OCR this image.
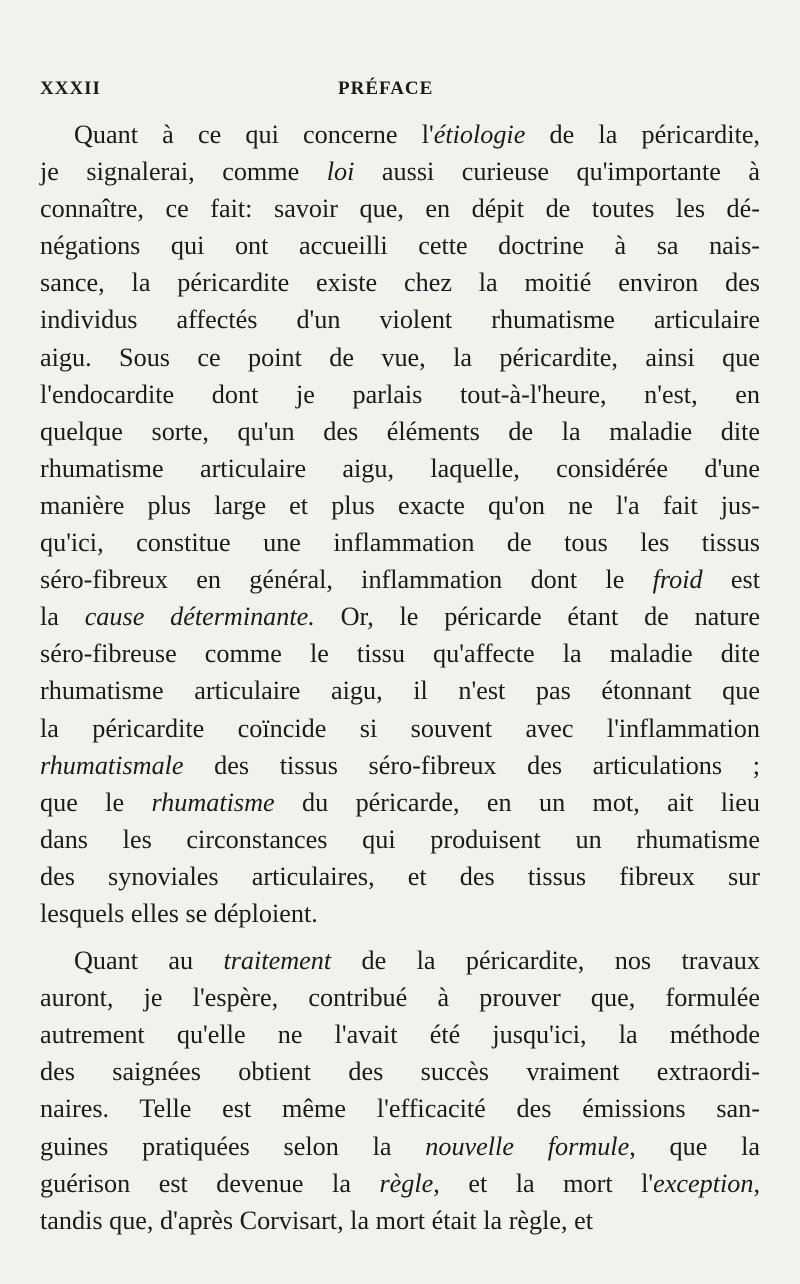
XXXII	PRÉFACE
Quant à ce qui concerne l'étiologie de la péricardite,
je signalerai, comme loi aussi curieuse qu'importante à
connaître, ce fait: savoir que, en dépit de toutes les dé-
négations qui ont accueilli cette doctrine à sa nais-
sance, la péricardite existe chez la moitié environ des
individus affectés d'un violent rhumatisme articulaire
aigu. Sous ce point de vue, la péricardite, ainsi que
l'endocardite dont je parlais tout-à-l'heure, n'est, en
quelque sorte, qu'un des éléments de la maladie dite
rhumatisme articulaire aigu, laquelle, considérée d'une
manière plus large et plus exacte qu'on ne l'a fait jus-
qu'ici, constitue une inflammation de tous les tissus
séro-fibreux en général, inflammation dont le froid est
la cause déterminante. Or, le péricarde étant de nature
séro-fibreuse comme le tissu qu'affecte la maladie dite
rhumatisme articulaire aigu, il n'est pas étonnant que
la péricardite coïncide si souvent avec l'inflammation
rhumatismale des tissus séro-fibreux des articulations ;
que le rhumatisme du péricarde, en un mot, ait lieu
dans les circonstances qui produisent un rhumatisme
des synoviales articulaires, et des tissus fibreux sur
lesquels elles se déploient.
Quant au traitement de la péricardite, nos travaux
auront, je l'espère, contribué à prouver que, formulée
autrement qu'elle ne l'avait été jusqu'ici, la méthode
des saignées obtient des succès vraiment extraordi-
naires. Telle est même l'efficacité des émissions san-
guines pratiquées selon la nouvelle formule, que la
guérison est devenue la règle, et la mort l'exception,
tandis que, d'après Corvisart, la mort était la règle, et
